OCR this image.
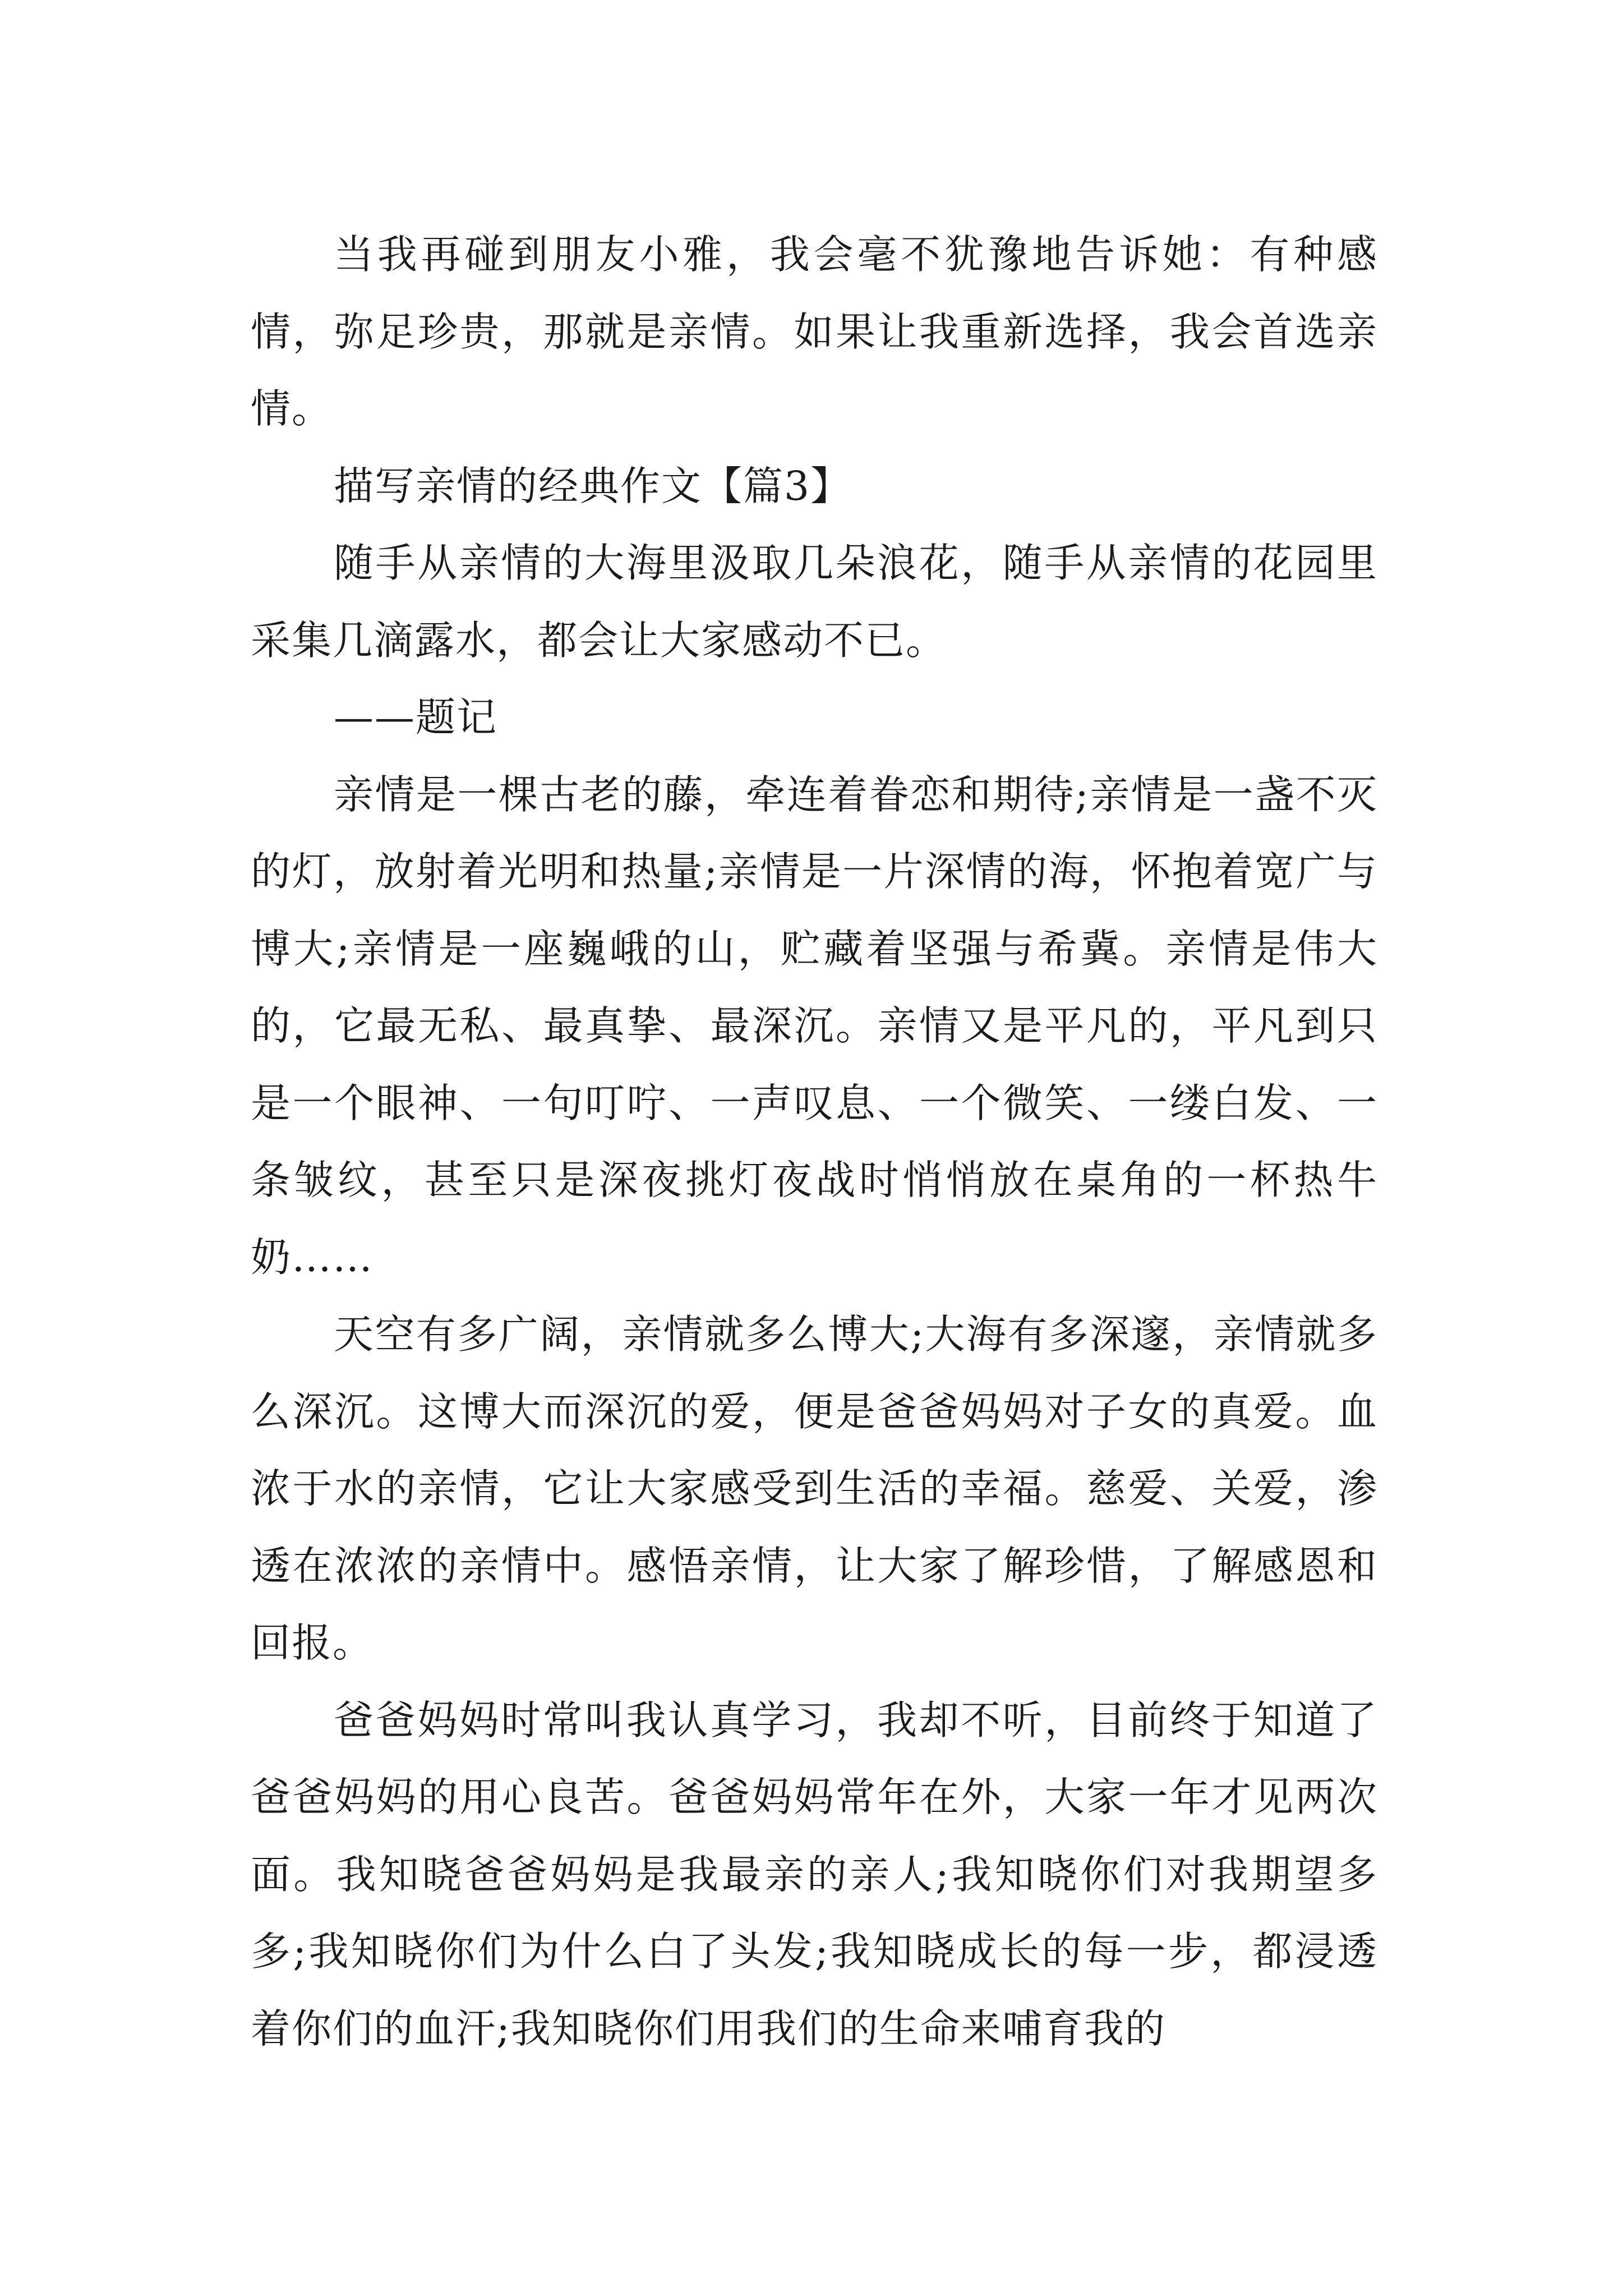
当我再碰到朋友小雅，我会毫不犹豫地告诉她：有种感情，弥足珍贵，那就是亲情。如果让我重新选择，我会首选亲情。

描写亲情的经典作文【篇3】

随手从亲情的大海里汲取几朵浪花，随手从亲情的花园里采集几滴露水，都会让大家感动不已。

——题记

亲情是一棵古老的藤，牵连着眷恋和期待;亲情是一盏不灭的灯，放射着光明和热量;亲情是一片深情的海，怀抱着宽广与博大;亲情是一座巍峨的山，贮藏着坚强与希冀。亲情是伟大的，它最无私、最真挚、最深沉。亲情又是平凡的，平凡到只是一个眼神、一句叮咛、一声叹息、一个微笑、一缕白发、一条皱纹，甚至只是深夜挑灯夜战时悄悄放在桌角的一杯热牛奶……

天空有多广阔，亲情就多么博大;大海有多深邃，亲情就多么深沉。这博大而深沉的爱，便是爸爸妈妈对子女的真爱。血浓于水的亲情，它让大家感受到生活的幸福。慈爱、关爱，渗透在浓浓的亲情中。感悟亲情，让大家了解珍惜，了解感恩和回报。

爸爸妈妈时常叫我认真学习，我却不听，目前终于知道了爸爸妈妈的用心良苦。爸爸妈妈常年在外，大家一年才见两次面。我知晓爸爸妈妈是我最亲的亲人;我知晓你们对我期望多多;我知晓你们为什么白了头发;我知晓成长的每一步，都浸透着你们的血汗;我知晓你们用我们的生命来哺育我的
